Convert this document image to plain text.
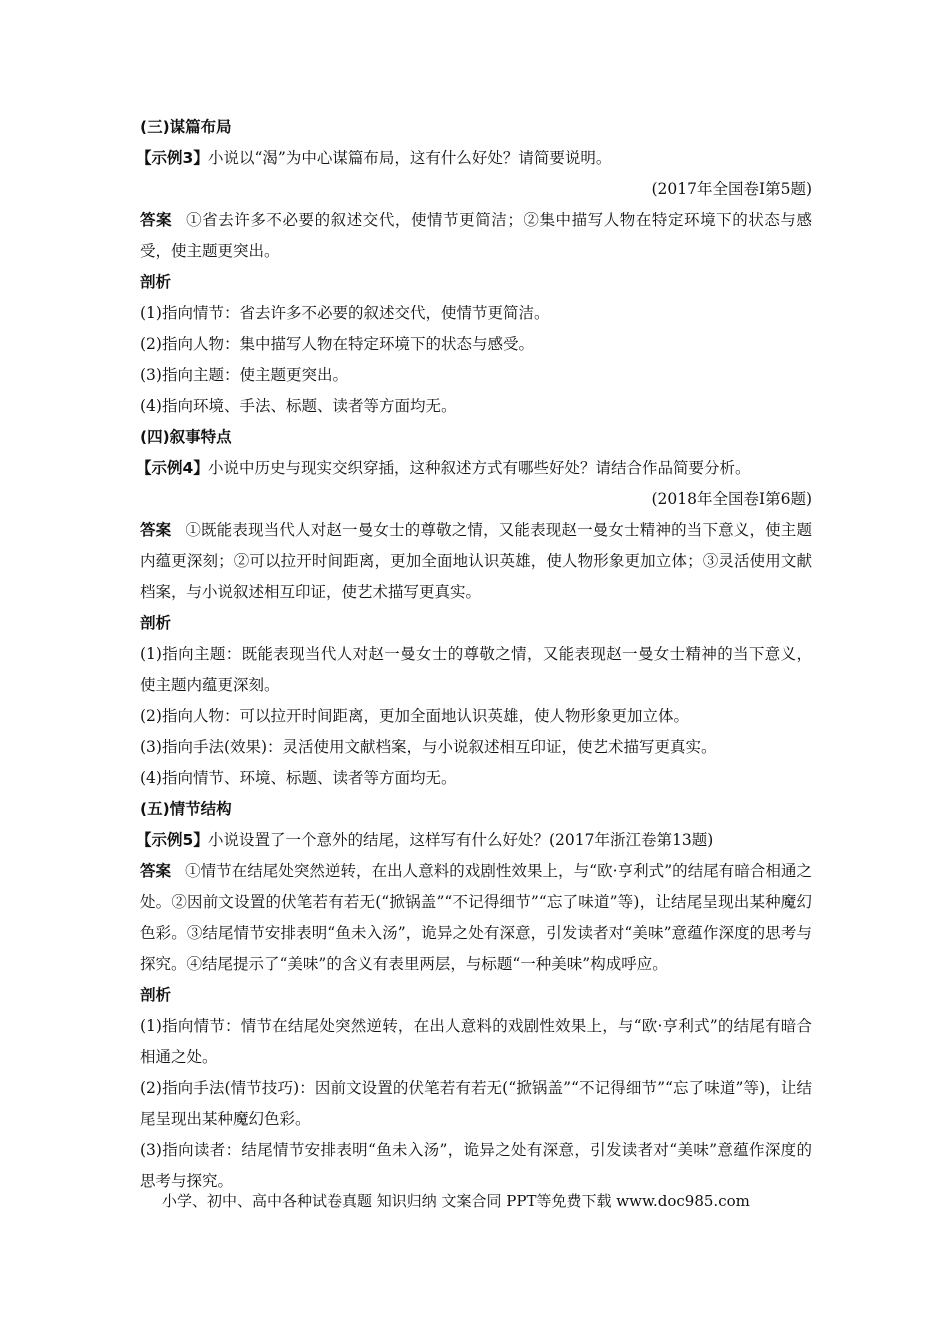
(三)谋篇布局
【示例3】 小说以“渴”为中心谋篇布局，这有什么好处？请简要说明。
(2017年全国卷Ⅰ第5题)
答案 ①省去许多不必要的叙述交代，使情节更简洁；②集中描写人物在特定环境下的状态与感受，使主题更突出。
剖析
(1)指向情节：省去许多不必要的叙述交代，使情节更简洁。
(2)指向人物：集中描写人物在特定环境下的状态与感受。
(3)指向主题：使主题更突出。
(4)指向环境、手法、标题、读者等方面均无。
(四)叙事特点
【示例4】 小说中历史与现实交织穿插，这种叙述方式有哪些好处？请结合作品简要分析。
(2018年全国卷Ⅰ第6题)
答案 ①既能表现当代人对赵一曼女士的尊敬之情，又能表现赵一曼女士精神的当下意义，使主题内蕴更深刻；②可以拉开时间距离，更加全面地认识英雄，使人物形象更加立体；③灵活使用文献档案，与小说叙述相互印证，使艺术描写更真实。
剖析
(1)指向主题：既能表现当代人对赵一曼女士的尊敬之情，又能表现赵一曼女士精神的当下意义，使主题内蕴更深刻。
(2)指向人物：可以拉开时间距离，更加全面地认识英雄，使人物形象更加立体。
(3)指向手法(效果)：灵活使用文献档案，与小说叙述相互印证，使艺术描写更真实。
(4)指向情节、环境、标题、读者等方面均无。
(五)情节结构
【示例5】 小说设置了一个意外的结尾，这样写有什么好处？(2017年浙江卷第13题)
答案 ①情节在结尾处突然逆转，在出人意料的戏剧性效果上，与“欧·亨利式”的结尾有暗合相通之处。②因前文设置的伏笔若有若无(“掀锅盖”“不记得细节”“忘了味道”等)，让结尾呈现出某种魔幻色彩。③结尾情节安排表明“鱼未入汤”，诡异之处有深意，引发读者对“美味”意蕴作深度的思考与探究。④结尾提示了“美味”的含义有表里两层，与标题“一种美味”构成呼应。
剖析
(1)指向情节：情节在结尾处突然逆转，在出人意料的戏剧性效果上，与“欧·亨利式”的结尾有暗合相通之处。
(2)指向手法(情节技巧)：因前文设置的伏笔若有若无(“掀锅盖”“不记得细节”“忘了味道”等)，让结尾呈现出某种魔幻色彩。
(3)指向读者：结尾情节安排表明“鱼未入汤”，诡异之处有深意，引发读者对“美味”意蕴作深度的思考与探究。
小学、初中、高中各种试卷真题 知识归纳 文案合同 PPT等免费下载 www.doc985.com
